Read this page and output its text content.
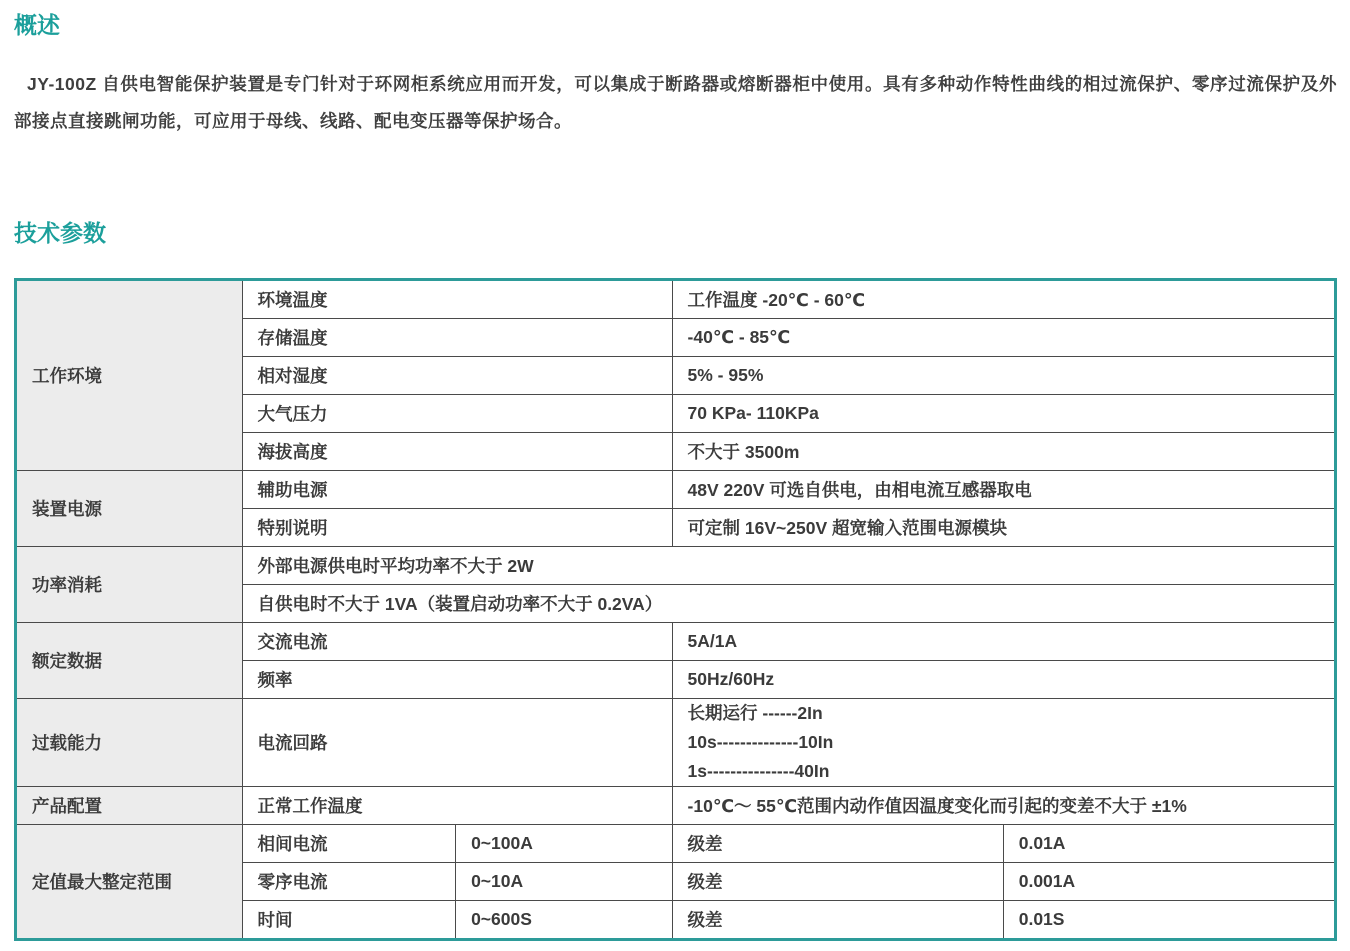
概述

JY-100Z 自供电智能保护装置是专门针对于环网柜系统应用而开发，可以集成于断路器或熔断器柜中使用。具有多种动作特性曲线的相过流保护、零序过流保护及外部接点直接跳闸功能，可应用于母线、线路、配电变压器等保护场合。

技术参数
工作环境	环境温度		工作温度 -20℃ - 60℃	
	存储温度		-40℃ - 85℃	
	相对湿度		5% - 95%	
	大气压力		70 KPa- 110KPa	
	海拔高度		不大于 3500m	
装置电源	辅助电源		48V 220V 可选自供电，由相电流互感器取电	
	特别说明		可定制 16V~250V 超宽输入范围电源模块	
功率消耗	外部电源供电时平均功率不大于 2W			
	自供电时不大于 1VA（装置启动功率不大于 0.2VA）			
额定数据	交流电流		5A/1A	
	频率		50Hz/60Hz	
过载能力	电流回路		长期运行 ------2In
10s--------------10In
1s---------------40In	

产品配置	正常工作温度		-10℃～ 55℃范围内动作值因温度变化而引起的变差不大于 ±1%	
定值最大整定范围	相间电流	0~100A	级差	0.01A
	零序电流	0~10A	级差	0.001A
	时间	0~600S	级差	0.01S
